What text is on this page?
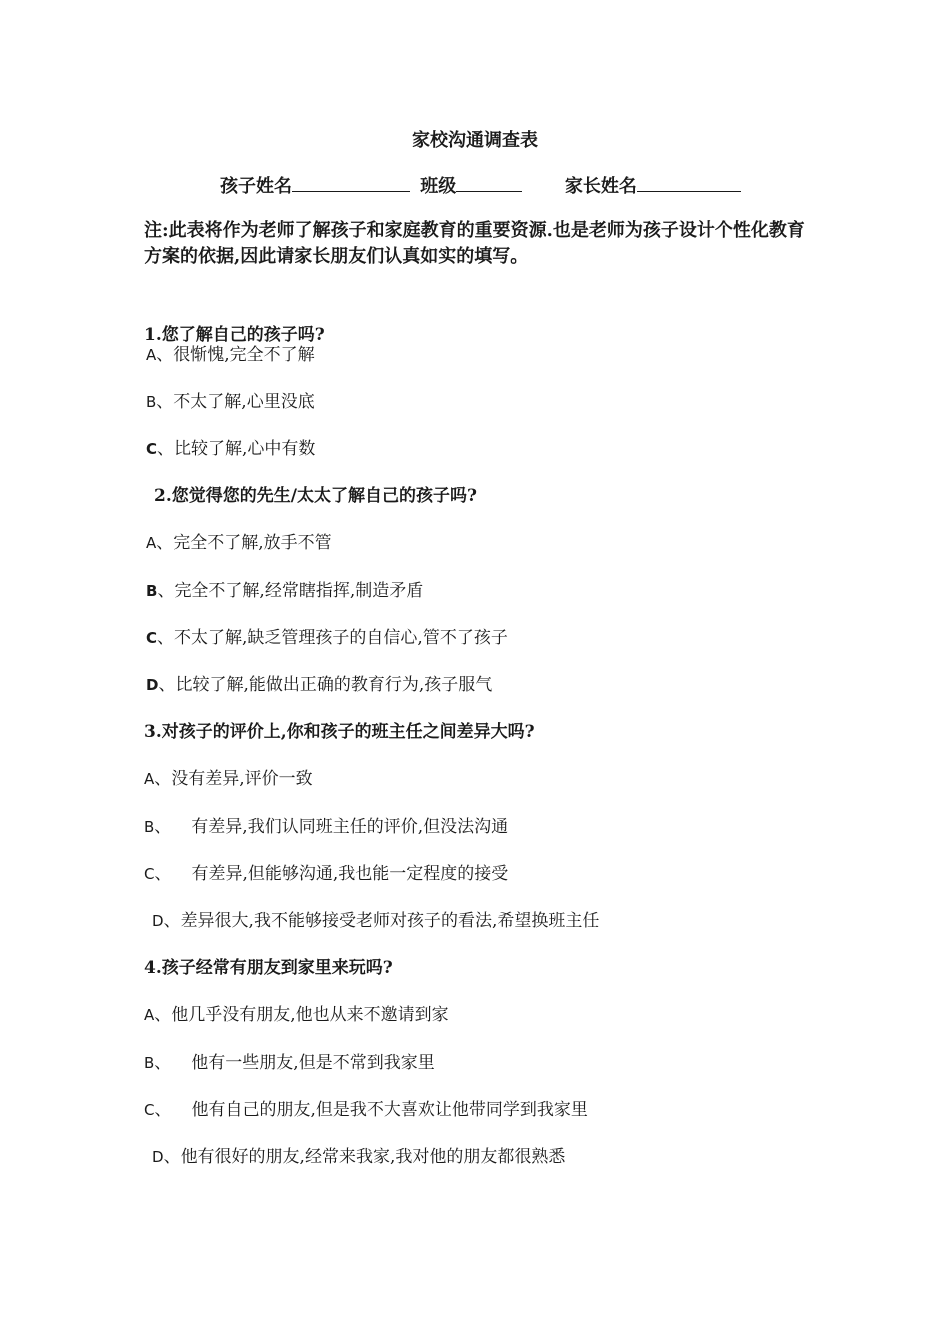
家校沟通调查表
孩子姓名	班级	家长姓名
注:此表将作为老师了解孩子和家庭教育的重要资源.也是老师为孩子设计个性化教育方案的依据,因此请家长朋友们认真如实的填写。
1.您了解自己的孩子吗?
A、很惭愧,完全不了解
B、不太了解,心里没底
C、比较了解,心中有数
2.您觉得您的先生/太太了解自己的孩子吗?
A、完全不了解,放手不管
B、完全不了解,经常瞎指挥,制造矛盾
C、不太了解,缺乏管理孩子的自信心,管不了孩子
D、比较了解,能做出正确的教育行为,孩子服气
3.对孩子的评价上,你和孩子的班主任之间差异大吗?
A、没有差异,评价一致
B、 有差异,我们认同班主任的评价,但没法沟通
C、 有差异,但能够沟通,我也能一定程度的接受
D、差异很大,我不能够接受老师对孩子的看法,希望换班主任
4.孩子经常有朋友到家里来玩吗?
A、他几乎没有朋友,他也从来不邀请到家
B、 他有一些朋友,但是不常到我家里
C、 他有自己的朋友,但是我不大喜欢让他带同学到我家里
D、他有很好的朋友,经常来我家,我对他的朋友都很熟悉
